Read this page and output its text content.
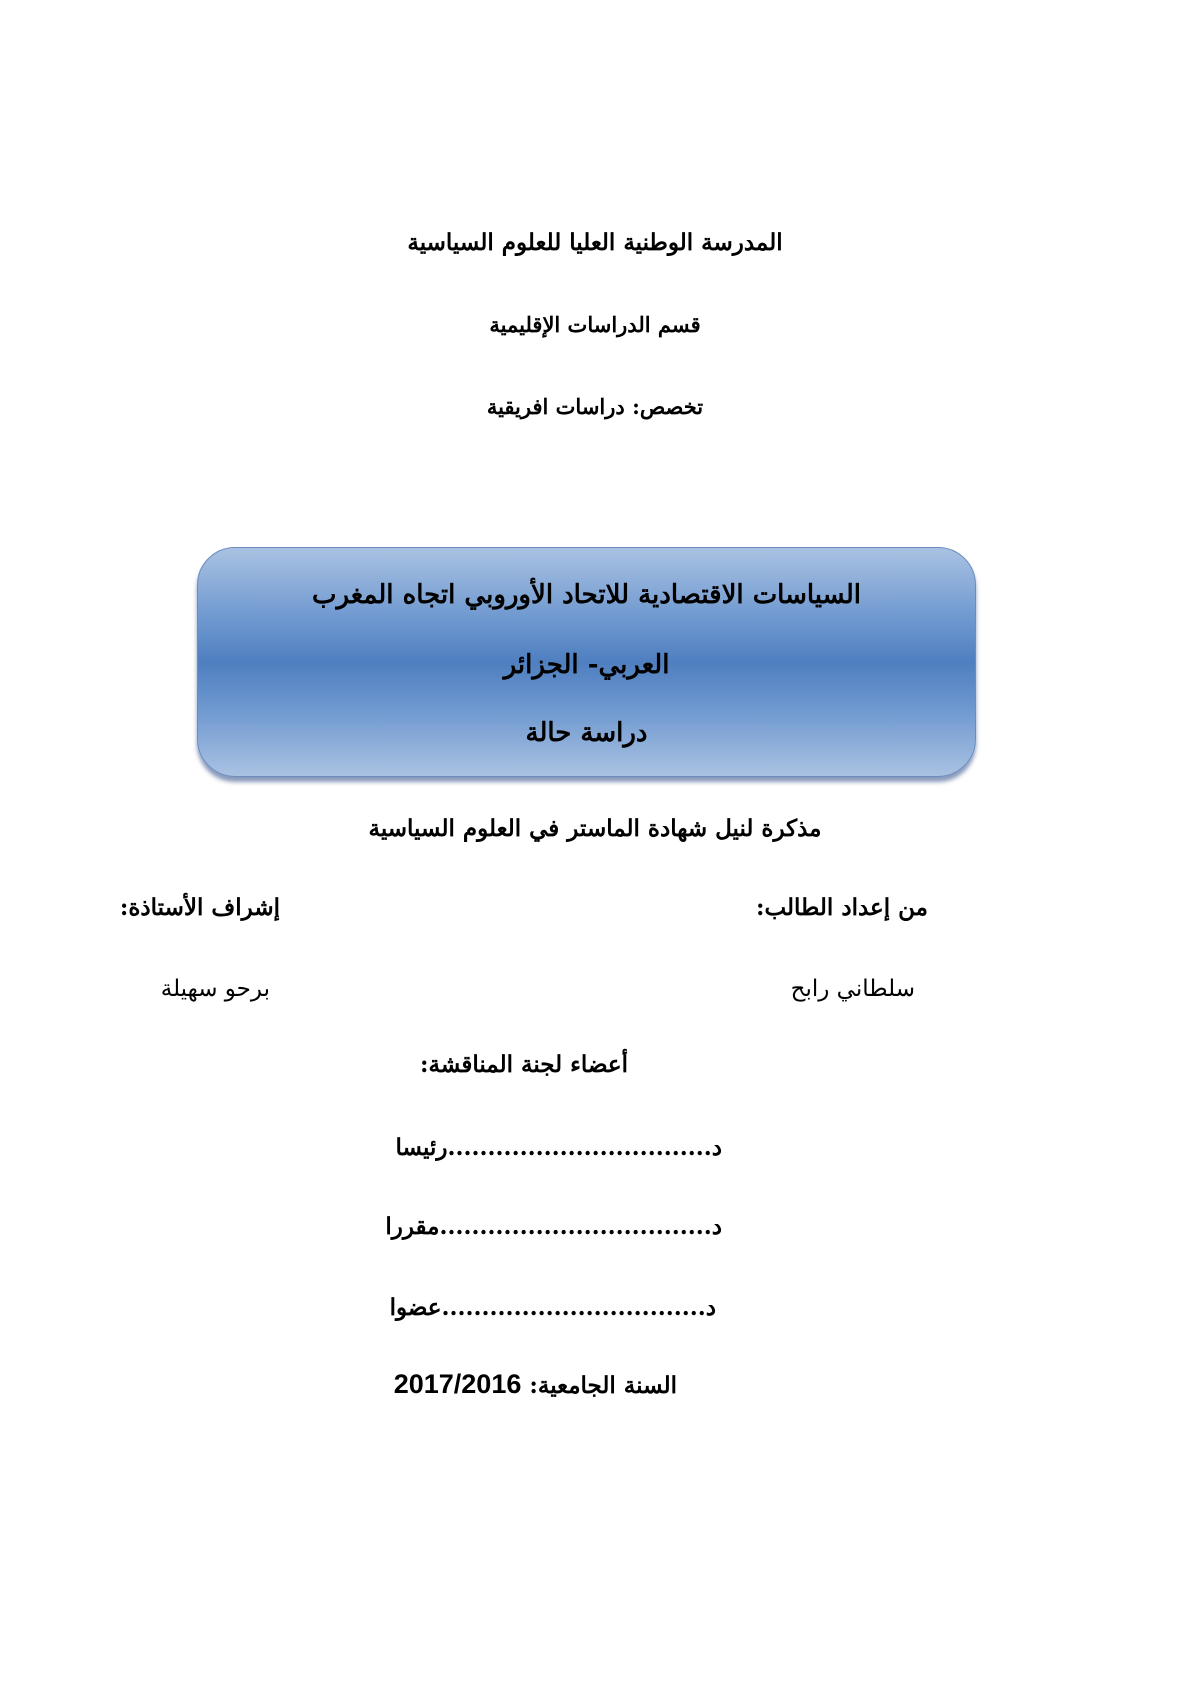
المدرسة الوطنية العليا للعلوم السياسية
قسم الدراسات الإقليمية
تخصص: دراسات افريقية
السياسات الاقتصادية للاتحاد الأوروبي اتجاه المغرب
العربي- الجزائر
دراسة حالة
مذكرة لنيل شهادة الماستر في العلوم السياسية
من إعداد الطالب:
إشراف الأستاذة:
سلطاني رابح
برحو سهيلة
أعضاء لجنة المناقشة:
د.................................رئيسا
د..................................مقررا
د.................................عضوا
السنة الجامعية: 2017/2016
